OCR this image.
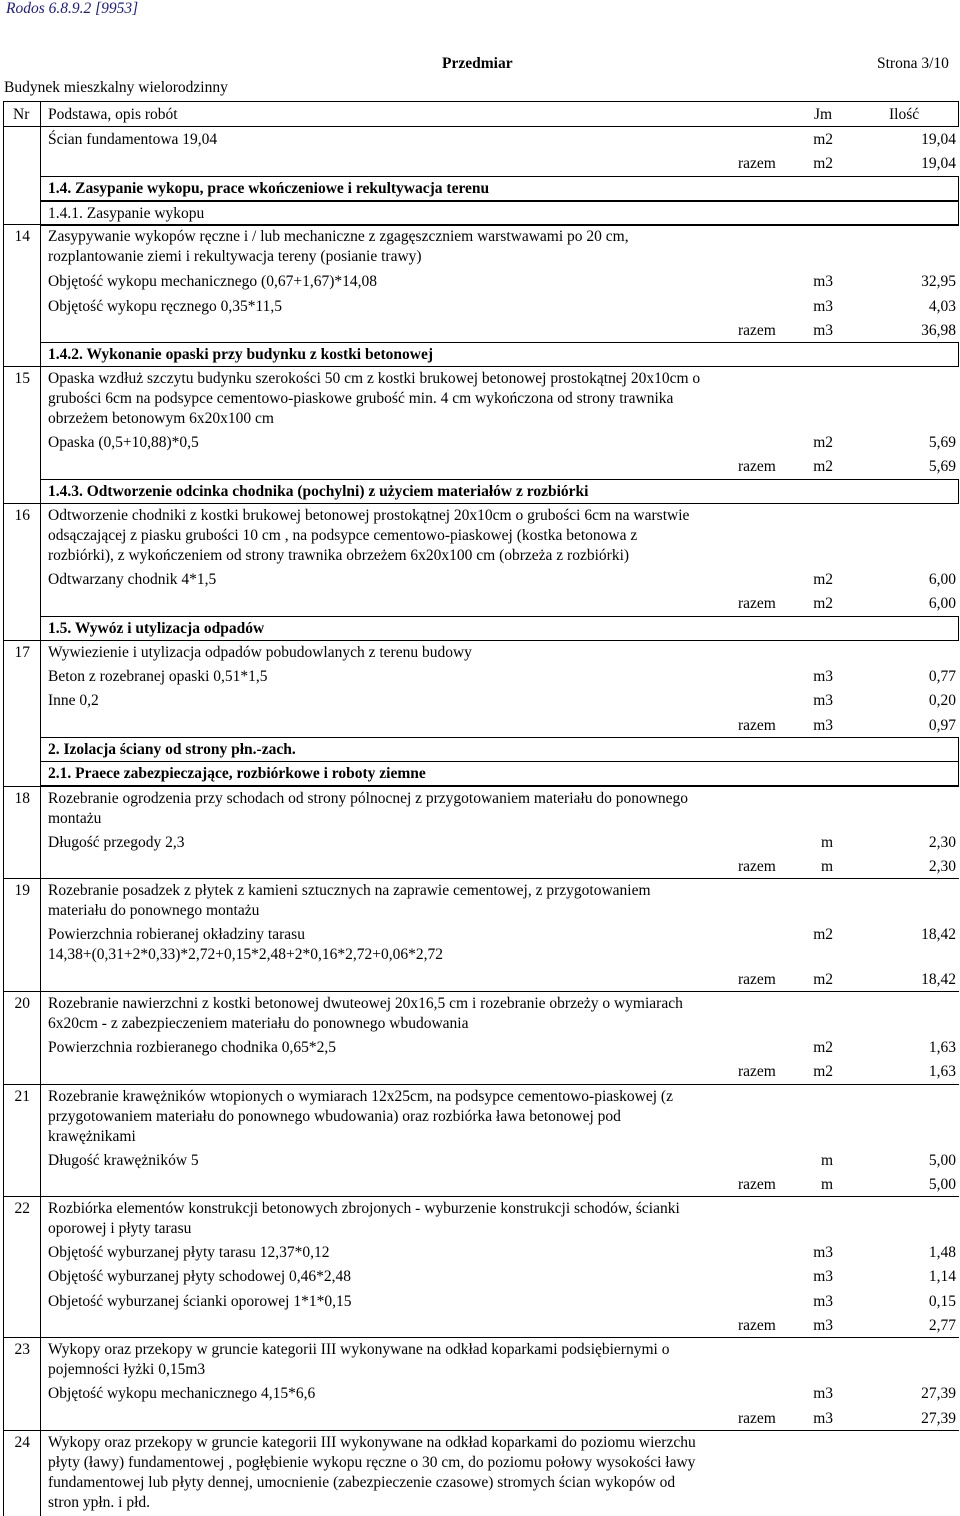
Rodos 6.8.9.2 [9953]
Przedmiar	Strona 3/10
Budynek mieszkalny wielorodzinny
Nr Podstawa, opis robót	Jm	Ilość
Ścian fundamentowa 19,04	m2	19,04
razem	m2	19,04
1.4. Zasypanie wykopu, prace wkończeniowe i rekultywacja terenu
1.4.1. Zasypanie wykopu
14 Zasypywanie wykopów ręczne i / lub mechaniczne z zgagęszczniem warstwawami po 20 cm,
rozplantowanie ziemi i rekultywacja tereny (posianie trawy)
Objętość wykopu mechanicznego (0,67+1,67)*14,08	m3	32,95
Objętość wykopu ręcznego 0,35*11,5	m3	4,03
razem	m3	36,98
1.4.2. Wykonanie opaski przy budynku z kostki betonowej
15 Opaska wzdłuż szczytu budynku szerokości 50 cm z kostki brukowej betonowej prostokątnej 20x10cm o
grubości 6cm na podsypce cementowo-piaskowe grubość min. 4 cm wykończona od strony trawnika
obrzeżem betonowym 6x20x100 cm
Opaska (0,5+10,88)*0,5	m2	5,69
razem	m2	5,69
1.4.3. Odtworzenie odcinka chodnika (pochylni) z użyciem materiałów z rozbiórki
16 Odtworzenie chodniki z kostki brukowej betonowej prostokątnej 20x10cm o grubości 6cm na warstwie
odsączającej z piasku grubości 10 cm , na podsypce cementowo-piaskowej (kostka betonowa z
rozbiórki), z wykończeniem od strony trawnika obrzeżem 6x20x100 cm (obrzeża z rozbiórki)
Odtwarzany chodnik 4*1,5	m2	6,00
razem	m2	6,00
1.5. Wywóz i utylizacja odpadów
17 Wywiezienie i utylizacja odpadów pobudowlanych z terenu budowy
Beton z rozebranej opaski 0,51*1,5	m3	0,77
Inne 0,2	m3	0,20
razem	m3	0,97
2. Izolacja ściany od strony płn.-zach.
2.1. Praece zabezpieczające, rozbiórkowe i roboty ziemne
18 Rozebranie ogrodzenia przy schodach od strony pólnocnej z przygotowaniem materiału do ponownego
montażu
Długość przegody 2,3	m	2,30
razem	m	2,30
19 Rozebranie posadzek z płytek z kamieni sztucznych na zaprawie cementowej, z przygotowaniem
materiału do ponownego montażu
Powierzchnia robieranej okładziny tarasu
14,38+(0,31+2*0,33)*2,72+0,15*2,48+2*0,16*2,72+0,06*2,72
m2	18,42
razem	m2	18,42
20 Rozebranie nawierzchni z kostki betonowej dwuteowej 20x16,5 cm i rozebranie obrzeży o wymiarach
6x20cm - z zabezpieczeniem materiału do ponownego wbudowania
Powierzchnia rozbieranego chodnika 0,65*2,5	m2	1,63
razem	m2	1,63
21 Rozebranie krawężników wtopionych o wymiarach 12x25cm, na podsypce cementowo-piaskowej (z
przygotowaniem materiału do ponownego wbudowania) oraz rozbiórka ława betonowej pod
krawężnikami
Długość krawężników 5	m	5,00
razem	m	5,00
22 Rozbiórka elementów konstrukcji betonowych zbrojonych - wyburzenie konstrukcji schodów, ścianki
oporowej i płyty tarasu
Objętość wyburzanej płyty tarasu 12,37*0,12	m3	1,48
Objętość wyburzanej płyty schodowej 0,46*2,48	m3	1,14
Objetość wyburzanej ścianki oporowej 1*1*0,15	m3	0,15
razem	m3	2,77
23 Wykopy oraz przekopy w gruncie kategorii III wykonywane na odkład koparkami podsiębiernymi o
pojemności łyżki 0,15m3
Objętość wykopu mechanicznego 4,15*6,6	m3	27,39
razem	m3	27,39
24 Wykopy oraz przekopy w gruncie kategorii III wykonywane na odkład koparkami do poziomu wierzchu
płyty (ławy) fundamentowej , pogłębienie wykopu ręczne o 30 cm, do poziomu połowy wysokości ławy
fundamentowej lub płyty dennej, umocnienie (zabezpieczenie czasowe) stromych ścian wykopów od
stron ypłn. i płd.
